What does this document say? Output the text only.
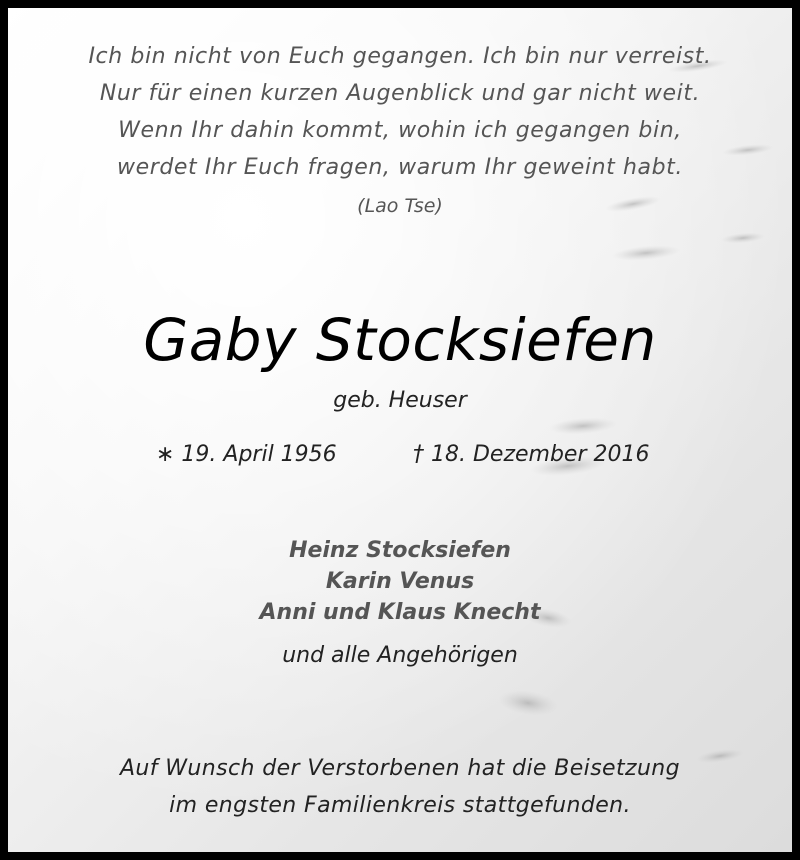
Ich bin nicht von Euch gegangen. Ich bin nur verreist.
Nur für einen kurzen Augenblick und gar nicht weit.
Wenn Ihr dahin kommt, wohin ich gegangen bin,
werdet Ihr Euch fragen, warum Ihr geweint habt.
(Lao Tse)
Gaby Stocksiefen
geb. Heuser
∗ 19. April 1956	† 18. Dezember 2016
Heinz Stocksiefen
Karin Venus
Anni und Klaus Knecht
und alle Angehörigen
Auf Wunsch der Verstorbenen hat die Beisetzung
im engsten Familienkreis stattgefunden.
